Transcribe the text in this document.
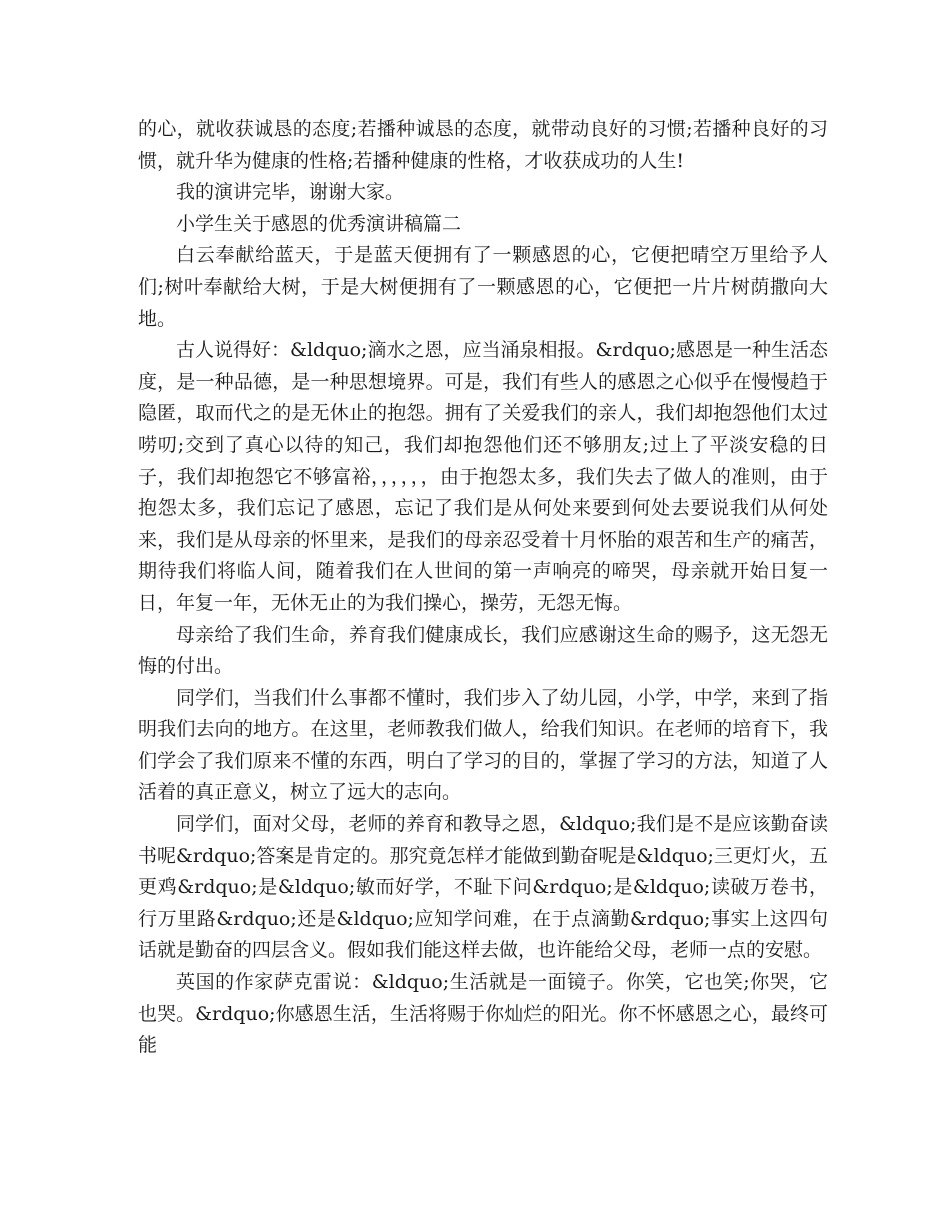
的心，就收获诚恳的态度;若播种诚恳的态度，就带动良好的习惯;若播种良好的习惯，就升华为健康的性格;若播种健康的性格，才收获成功的人生!

我的演讲完毕，谢谢大家。

小学生关于感恩的优秀演讲稿篇二

白云奉献给蓝天，于是蓝天便拥有了一颗感恩的心，它便把晴空万里给予人们;树叶奉献给大树，于是大树便拥有了一颗感恩的心，它便把一片片树荫撒向大地。

古人说得好：&ldquo;滴水之恩，应当涌泉相报。&rdquo;感恩是一种生活态度，是一种品德，是一种思想境界。可是，我们有些人的感恩之心似乎在慢慢趋于隐匿，取而代之的是无休止的抱怨。拥有了关爱我们的亲人，我们却抱怨他们太过唠叨;交到了真心以待的知己，我们却抱怨他们还不够朋友;过上了平淡安稳的日子，我们却抱怨它不够富裕，，，，，，由于抱怨太多，我们失去了做人的准则，由于抱怨太多，我们忘记了感恩，忘记了我们是从何处来要到何处去要说我们从何处来，我们是从母亲的怀里来，是我们的母亲忍受着十月怀胎的艰苦和生产的痛苦，期待我们将临人间，随着我们在人世间的第一声响亮的啼哭，母亲就开始日复一日，年复一年，无休无止的为我们操心，操劳，无怨无悔。

母亲给了我们生命，养育我们健康成长，我们应感谢这生命的赐予，这无怨无悔的付出。

同学们，当我们什么事都不懂时，我们步入了幼儿园，小学，中学，来到了指明我们去向的地方。在这里，老师教我们做人，给我们知识。在老师的培育下，我们学会了我们原来不懂的东西，明白了学习的目的，掌握了学习的方法，知道了人活着的真正意义，树立了远大的志向。

同学们，面对父母，老师的养育和教导之恩，&ldquo;我们是不是应该勤奋读书呢&rdquo;答案是肯定的。那究竟怎样才能做到勤奋呢是&ldquo;三更灯火，五更鸡&rdquo;是&ldquo;敏而好学，不耻下问&rdquo;是&ldquo;读破万卷书，行万里路&rdquo;还是&ldquo;应知学问难，在于点滴勤&rdquo;事实上这四句话就是勤奋的四层含义。假如我们能这样去做，也许能给父母，老师一点的安慰。

英国的作家萨克雷说：&ldquo;生活就是一面镜子。你笑，它也笑;你哭，它也哭。&rdquo;你感恩生活，生活将赐于你灿烂的阳光。你不怀感恩之心，最终可能
